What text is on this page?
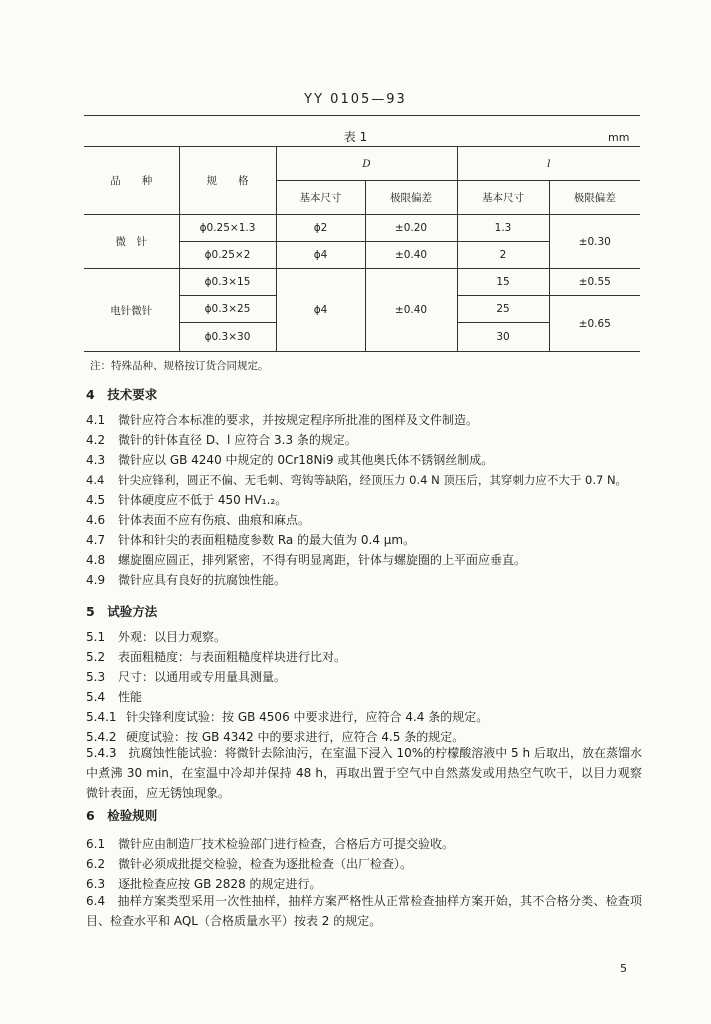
YY 0105—93
表 1	mm
品　　种	规　　格	D		l	
		基本尺寸	极限偏差	基本尺寸	极限偏差
微　针	ϕ0.25×1.3	ϕ2	±0.20	1.3	±0.30
	ϕ0.25×2	ϕ4	±0.40	2	
电针微针	ϕ0.3×15	ϕ4	±0.40	15	±0.55
	ϕ0.3×25			25	±0.65
	ϕ0.3×30			30	
注：特殊品种、规格按订货合同规定。
4　技术要求
4.1 微针应符合本标准的要求，并按规定程序所批准的图样及文件制造。
4.2 微针的针体直径 D、l 应符合 3.3 条的规定。
4.3 微针应以 GB 4240 中规定的 0Cr18Ni9 或其他奥氏体不锈钢丝制成。
4.4 针尖应锋利，圆正不偏、无毛刺、弯钩等缺陷，经顶压力 0.4 N 顶压后，其穿刺力应不大于 0.7 N。
4.5 针体硬度应不低于 450 HV₁.₂。
4.6 针体表面不应有伤痕、曲痕和麻点。
4.7 针体和针尖的表面粗糙度参数 Ra 的最大值为 0.4 μm。
4.8 螺旋圈应圆正，排列紧密，不得有明显离距，针体与螺旋圈的上平面应垂直。
4.9 微针应具有良好的抗腐蚀性能。
5　试验方法
5.1 外观：以目力观察。
5.2 表面粗糙度：与表面粗糙度样块进行比对。
5.3 尺寸：以通用或专用量具测量。
5.4 性能
5.4.1 针尖锋利度试验：按 GB 4506 中要求进行，应符合 4.4 条的规定。
5.4.2 硬度试验：按 GB 4342 中的要求进行，应符合 4.5 条的规定。
5.4.3　抗腐蚀性能试验：将微针去除油污，在室温下浸入 10%的柠檬酸溶液中 5 h 后取出，放在蒸馏水中煮沸 30 min，在室温中冷却并保持 48 h，再取出置于空气中自然蒸发或用热空气吹干，以目力观察微针表面，应无锈蚀现象。
6　检验规则
6.1 微针应由制造厂技术检验部门进行检查，合格后方可提交验收。
6.2 微针必须成批提交检验，检查为逐批检查（出厂检查）。
6.3 逐批检查应按 GB 2828 的规定进行。
6.4　抽样方案类型采用一次性抽样，抽样方案严格性从正常检查抽样方案开始，其不合格分类、检查项目、检查水平和 AQL（合格质量水平）按表 2 的规定。
5
